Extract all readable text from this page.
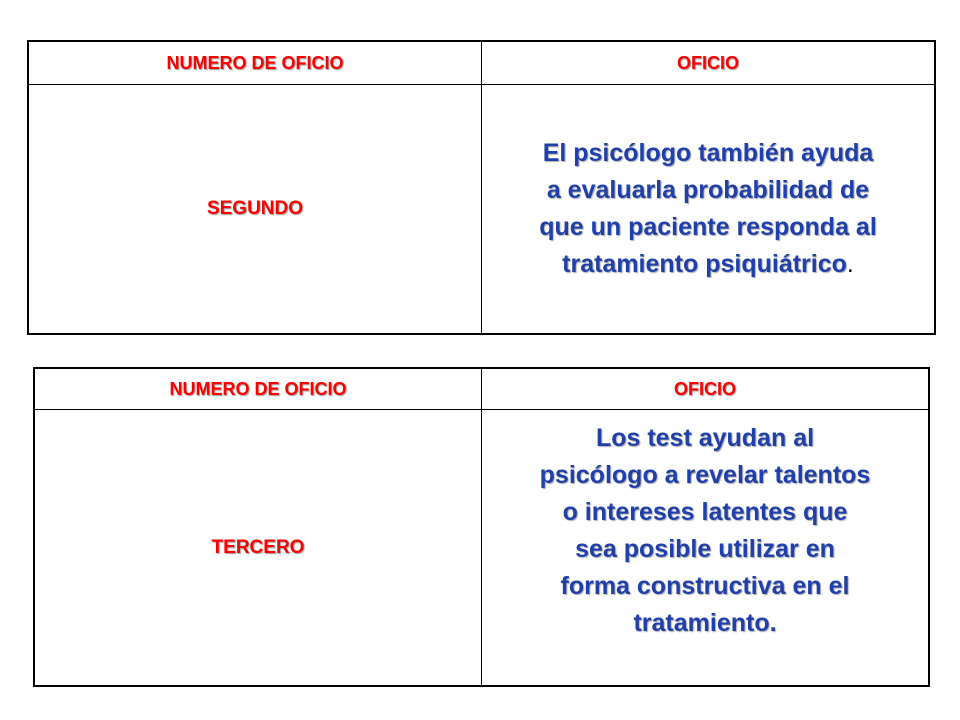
NUMERO DE OFICIO	OFICIO
SEGUNDO
El psicólogo también ayuda
a evaluarla probabilidad de
que un paciente responda al
tratamiento psiquiátrico.
NUMERO DE OFICIO	OFICIO
TERCERO
Los test ayudan al
psicólogo a revelar talentos
o intereses latentes que
sea posible utilizar en
forma constructiva en el
tratamiento.
